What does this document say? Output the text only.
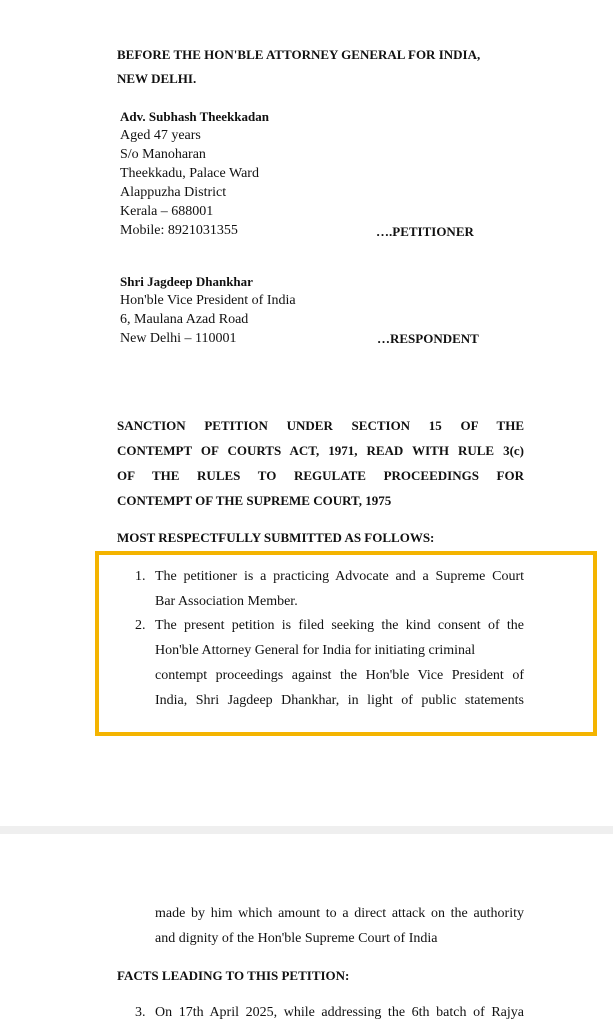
BEFORE THE HON'BLE ATTORNEY GENERAL FOR INDIA,
NEW DELHI.
Adv. Subhash Theekkadan
Aged 47 years
S/o Manoharan
Theekkadu, Palace Ward
Alappuzha District
Kerala – 688001
Mobile: 8921031355	….PETITIONER
Shri Jagdeep Dhankhar
Hon'ble Vice President of India
6, Maulana Azad Road
New Delhi – 110001	…RESPONDENT
SANCTION PETITION UNDER SECTION 15 OF THE
CONTEMPT OF COURTS ACT, 1971, READ WITH RULE 3(c)
OF THE RULES TO REGULATE PROCEEDINGS FOR
CONTEMPT OF THE SUPREME COURT, 1975
MOST RESPECTFULLY SUBMITTED AS FOLLOWS:
1. The petitioner is a practicing Advocate and a Supreme Court
Bar Association Member.
2. The present petition is filed seeking the kind consent of the
Hon'ble Attorney General for India for initiating criminal
contempt proceedings against the Hon'ble Vice President of
India, Shri Jagdeep Dhankhar, in light of public statements
made by him which amount to a direct attack on the authority
and dignity of the Hon'ble Supreme Court of India
FACTS LEADING TO THIS PETITION:
3. On 17th April 2025, while addressing the 6th batch of Rajya
